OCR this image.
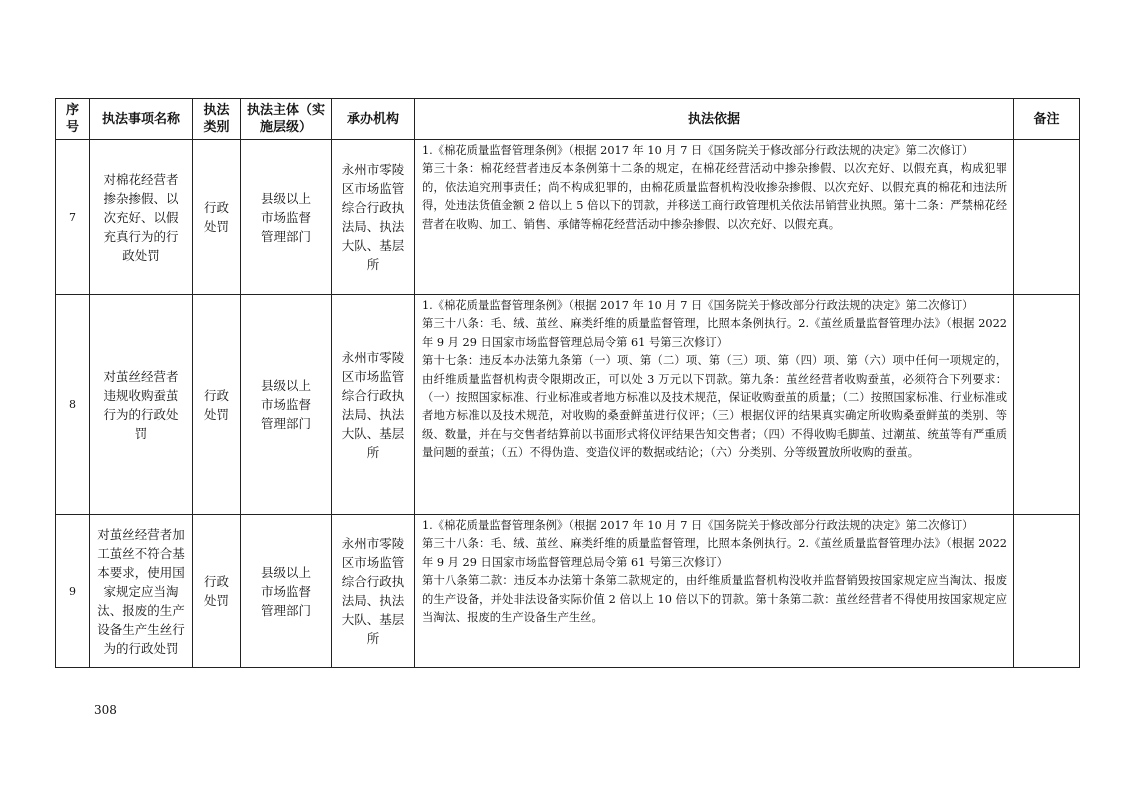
序号	执法事项名称	执法类别	执法主体（实施层级）	承办机构	执法依据	备注
7	对棉花经营者掺杂掺假、以次充好、以假充真行为的行政处罚	行政处罚	县级以上市场监督管理部门	永州市零陵区市场监管综合行政执法局、执法大队、基层所	1.《棉花质量监督管理条例》（根据 2017 年 10 月 7 日《国务院关于修改部分行政法规的决定》第二次修订）
第三十条：棉花经营者违反本条例第十二条的规定，在棉花经营活动中掺杂掺假、以次充好、以假充真，构成犯罪的，依法追究刑事责任；尚不构成犯罪的，由棉花质量监督机构没收掺杂掺假、以次充好、以假充真的棉花和违法所得，处违法货值金额 2 倍以上 5 倍以下的罚款，并移送工商行政管理机关依法吊销营业执照。第十二条：严禁棉花经营者在收购、加工、销售、承储等棉花经营活动中掺杂掺假、以次充好、以假充真。	

8	对茧丝经营者违规收购蚕茧行为的行政处罚	行政处罚	县级以上市场监督管理部门	永州市零陵区市场监管综合行政执法局、执法大队、基层所	1.《棉花质量监督管理条例》（根据 2017 年 10 月 7 日《国务院关于修改部分行政法规的决定》第二次修订）
第三十八条：毛、绒、茧丝、麻类纤维的质量监督管理，比照本条例执行。2.《茧丝质量监督管理办法》（根据 2022 年 9 月 29 日国家市场监督管理总局令第 61 号第三次修订）
第十七条：违反本办法第九条第（一）项、第（二）项、第（三）项、第（四）项、第（六）项中任何一项规定的，由纤维质量监督机构责令限期改正，可以处 3 万元以下罚款。第九条：茧丝经营者收购蚕茧，必须符合下列要求：（一）按照国家标准、行业标准或者地方标准以及技术规范，保证收购蚕茧的质量；（二）按照国家标准、行业标准或者地方标准以及技术规范，对收购的桑蚕鲜茧进行仪评；（三）根据仪评的结果真实确定所收购桑蚕鲜茧的类别、等级、数量，并在与交售者结算前以书面形式将仪评结果告知交售者；（四）不得收购毛脚茧、过潮茧、统茧等有严重质量问题的蚕茧；（五）不得伪造、变造仪评的数据或结论；（六）分类别、分等级置放所收购的蚕茧。	

9	对茧丝经营者加工茧丝不符合基本要求，使用国家规定应当淘汰、报废的生产设备生产生丝行为的行政处罚	行政处罚	县级以上市场监督管理部门	永州市零陵区市场监管综合行政执法局、执法大队、基层所	1.《棉花质量监督管理条例》（根据 2017 年 10 月 7 日《国务院关于修改部分行政法规的决定》第二次修订）
第三十八条：毛、绒、茧丝、麻类纤维的质量监督管理，比照本条例执行。2.《茧丝质量监督管理办法》（根据 2022 年 9 月 29 日国家市场监督管理总局令第 61 号第三次修订）
第十八条第二款：违反本办法第十条第二款规定的，由纤维质量监督机构没收并监督销毁按国家规定应当淘汰、报废的生产设备，并处非法设备实际价值 2 倍以上 10 倍以下的罚款。第十条第二款：茧丝经营者不得使用按国家规定应当淘汰、报废的生产设备生产生丝。	

308
